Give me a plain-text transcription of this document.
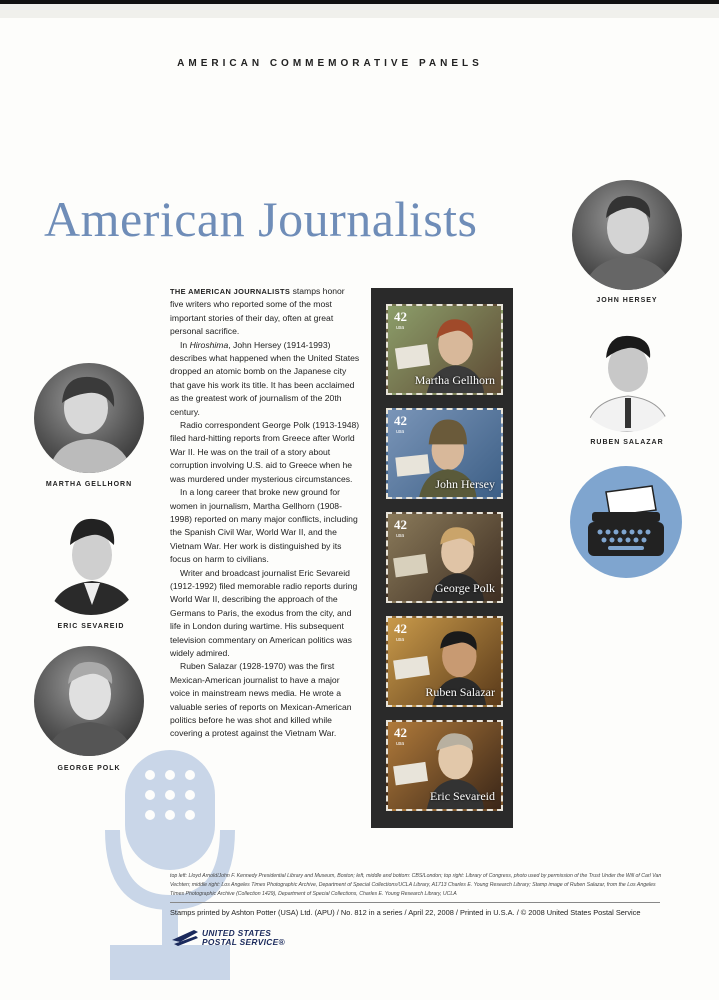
AMERICAN COMMEMORATIVE PANELS
American Journalists
MARTHA GELLHORN
ERIC SEVAREID
GEORGE POLK
JOHN HERSEY
RUBEN SALAZAR

THE AMERICAN JOURNALISTS stamps honor five writers who reported some of the most important stories of their day, often at great personal sacrifice.

In Hiroshima, John Hersey (1914-1993) describes what happened when the United States dropped an atomic bomb on the Japanese city that gave his work its title. It has been acclaimed as the greatest work of journalism of the 20th century.

Radio correspondent George Polk (1913-1948) filed hard-hitting reports from Greece after World War II. He was on the trail of a story about corruption involving U.S. aid to Greece when he was murdered under mysterious circumstances.

In a long career that broke new ground for women in journalism, Martha Gellhorn (1908-1998) reported on many major conflicts, including the Spanish Civil War, World War II, and the Vietnam War. Her work is distinguished by its focus on harm to civilians.

Writer and broadcast journalist Eric Sevareid (1912-1992) filed memorable radio reports during World War II, describing the approach of the Germans to Paris, the exodus from the city, and life in London during wartime. His subsequent television commentary on American politics was widely admired.

Ruben Salazar (1928-1970) was the first Mexican-American journalist to have a major voice in mainstream news media. He wrote a valuable series of reports on Mexican-American politics before he was shot and killed while covering a protest against the Vietnam War.

42
usa
Martha Gellhorn
42
usa
John Hersey
42
usa
George Polk
42
usa
Ruben Salazar
42
usa
Eric Sevareid
top left: Lloyd Arnold/John F. Kennedy Presidential Library and Museum, Boston; left, middle and bottom: CBS/London; top right: Library of Congress, photo used by permission of the Trust Under the Will of Carl Van Vechten; middle right: Los Angeles Times Photographic Archive, Department of Special Collections/UCLA Library, A1713 Charles E. Young Research Library; Stamp image of Ruben Salazar, from the Los Angeles Times Photographic Archive (Collection 1429), Department of Special Collections, Charles E. Young Research Library, UCLA
Stamps printed by Ashton Potter (USA) Ltd. (APU) / No. 812 in a series / April 22, 2008 / Printed in U.S.A. / © 2008 United States Postal Service
UNITED STATES
POSTAL SERVICE®
